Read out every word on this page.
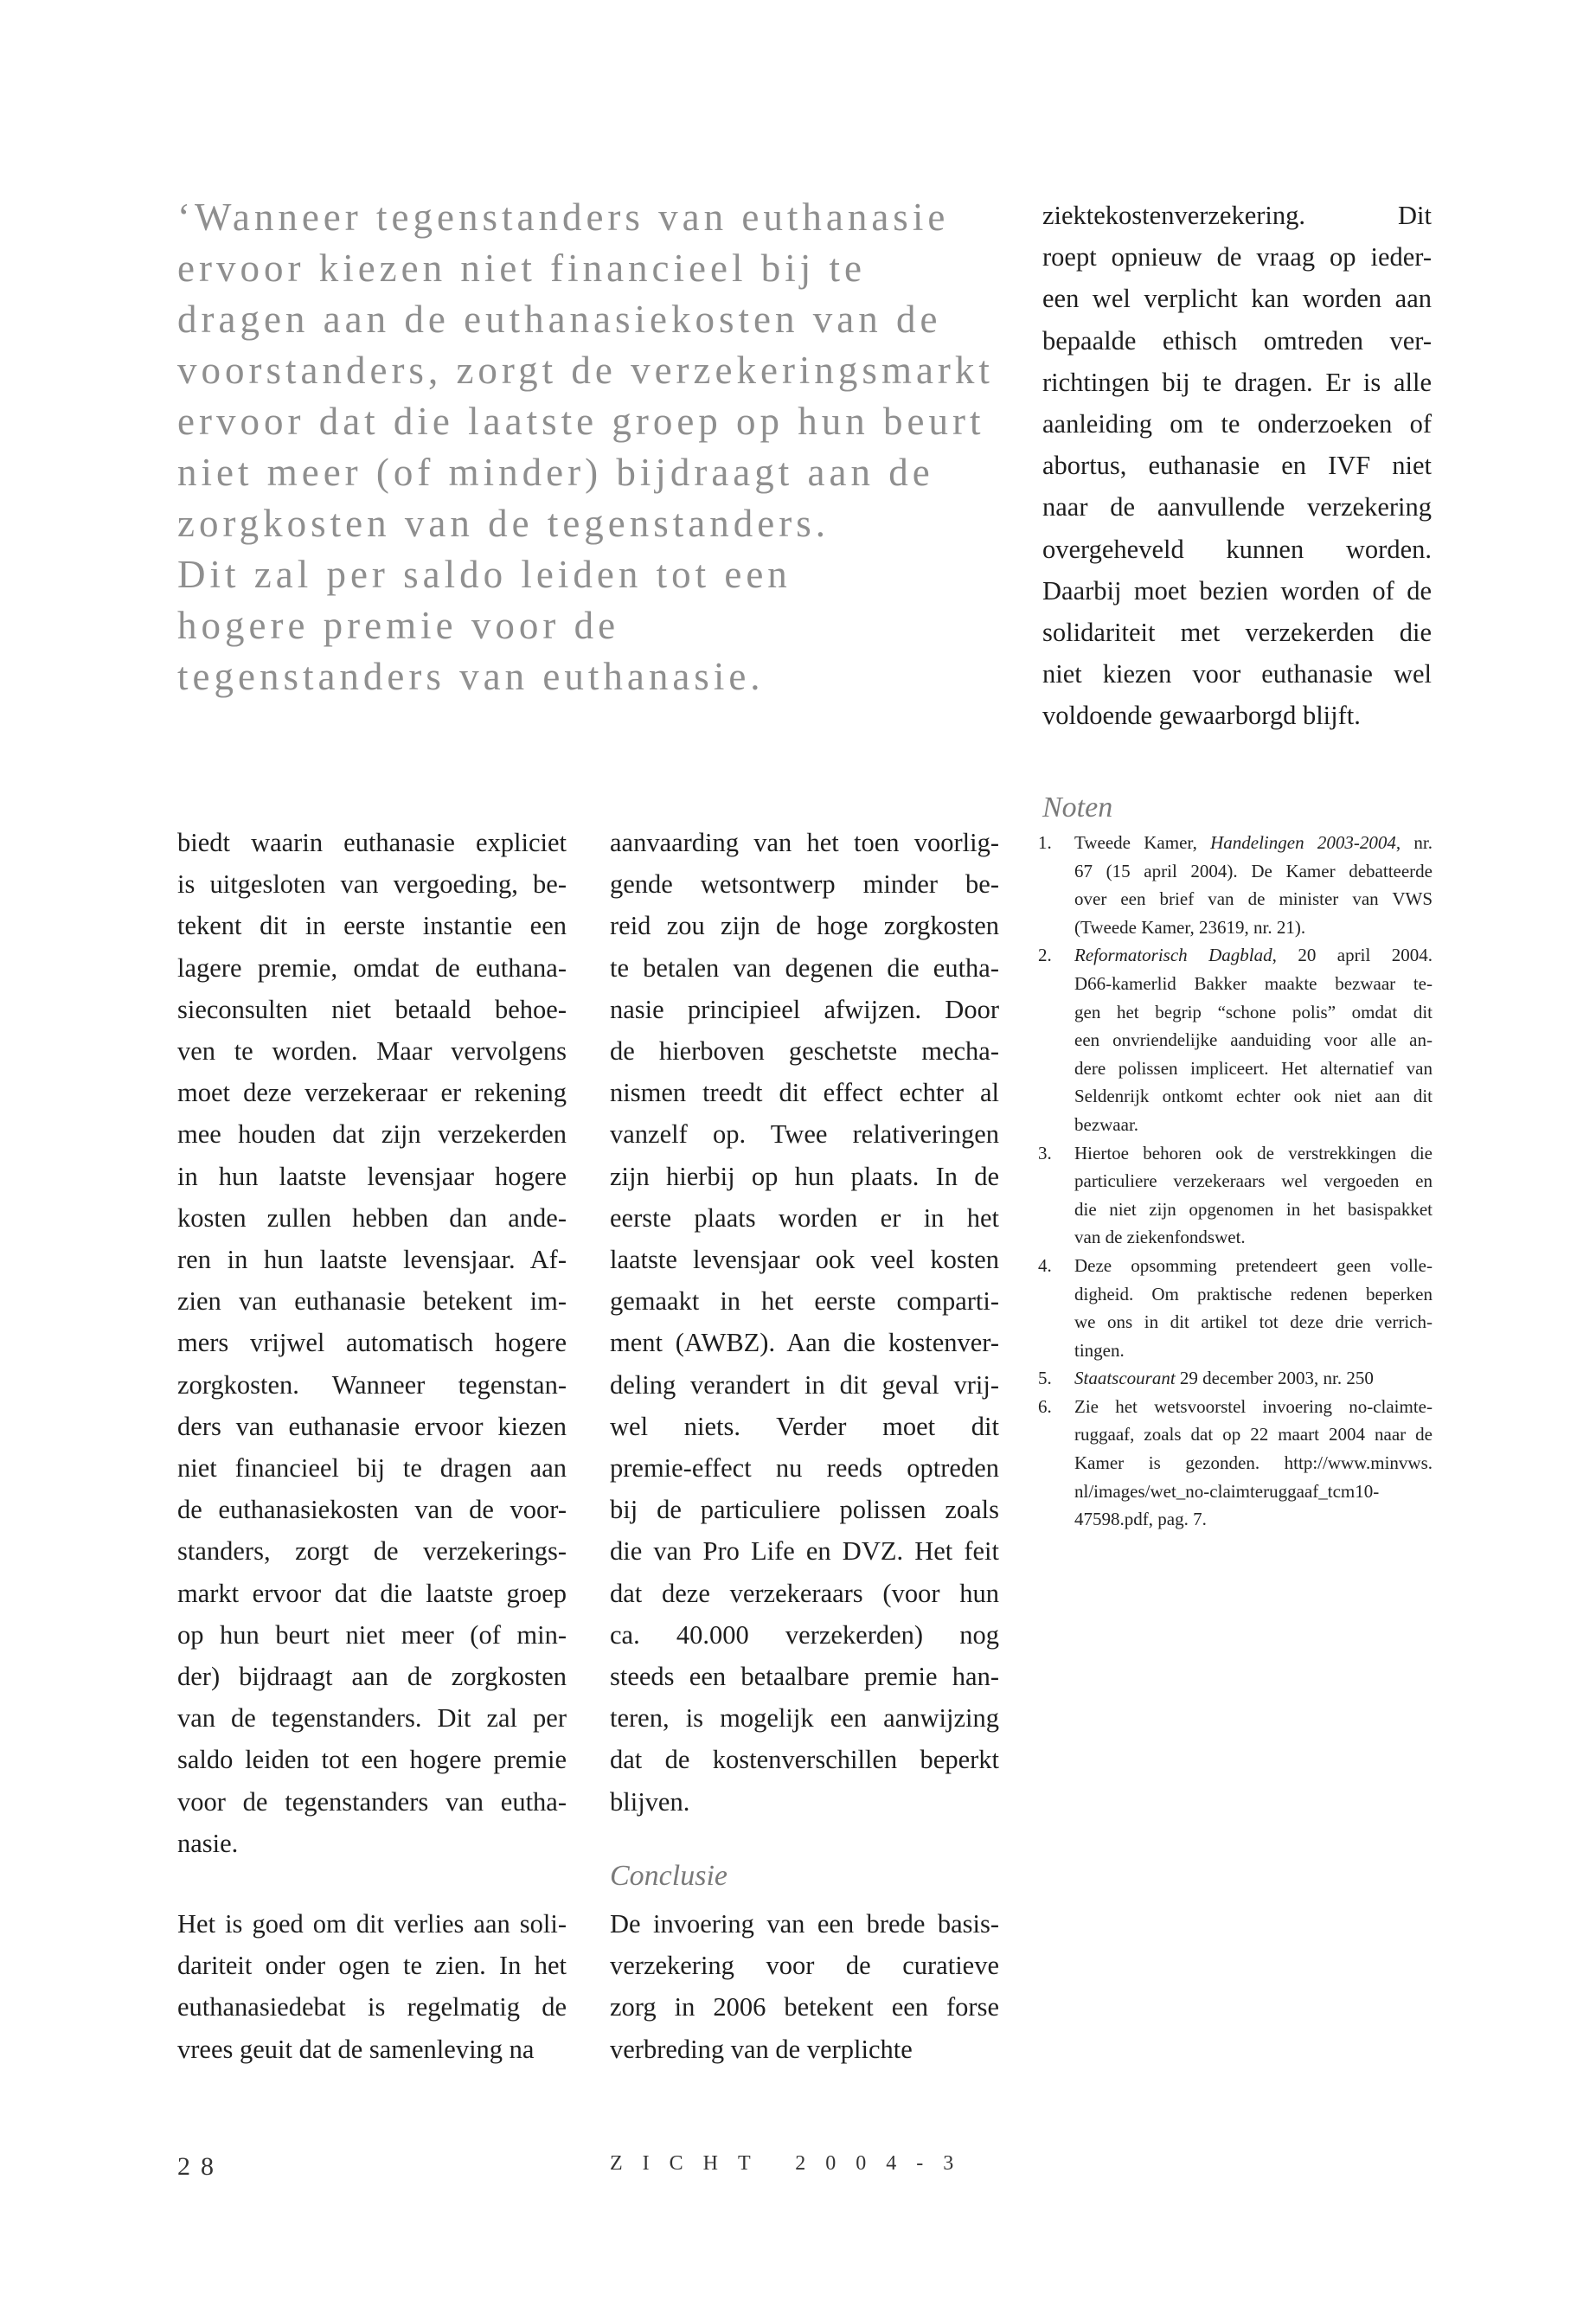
‘Wanneer tegenstanders van euthanasie
ervoor kiezen niet financieel bij te
dragen aan de euthanasiekosten van de
voorstanders, zorgt de verzekeringsmarkt
ervoor dat die laatste groep op hun beurt
niet meer (of minder) bijdraagt aan de
zorgkosten van de tegenstanders.
Dit zal per saldo leiden tot een
hogere premie voor de
tegenstanders van euthanasie.
ziektekostenverzekering. Dit
roept opnieuw de vraag op ieder-
een wel verplicht kan worden aan
bepaalde ethisch omtreden ver-
richtingen bij te dragen. Er is alle
aanleiding om te onderzoeken of
abortus, euthanasie en IVF niet
naar de aanvullende verzekering
overgeheveld kunnen worden.
Daarbij moet bezien worden of de
solidariteit met verzekerden die
niet kiezen voor euthanasie wel
voldoende gewaarborgd blijft.
biedt waarin euthanasie expliciet
is uitgesloten van vergoeding, be-
tekent dit in eerste instantie een
lagere premie, omdat de euthana-
sieconsulten niet betaald behoe-
ven te worden. Maar vervolgens
moet deze verzekeraar er rekening
mee houden dat zijn verzekerden
in hun laatste levensjaar hogere
kosten zullen hebben dan ande-
ren in hun laatste levensjaar. Af-
zien van euthanasie betekent im-
mers vrijwel automatisch hogere
zorgkosten. Wanneer tegenstan-
ders van euthanasie ervoor kiezen
niet financieel bij te dragen aan
de euthanasiekosten van de voor-
standers, zorgt de verzekerings-
markt ervoor dat die laatste groep
op hun beurt niet meer (of min-
der) bijdraagt aan de zorgkosten
van de tegenstanders. Dit zal per
saldo leiden tot een hogere premie
voor de tegenstanders van eutha-
nasie.
Het is goed om dit verlies aan soli-
dariteit onder ogen te zien. In het
euthanasiedebat is regelmatig de
vrees geuit dat de samenleving na
aanvaarding van het toen voorlig-
gende wetsontwerp minder be-
reid zou zijn de hoge zorgkosten
te betalen van degenen die eutha-
nasie principieel afwijzen. Door
de hierboven geschetste mecha-
nismen treedt dit effect echter al
vanzelf op. Twee relativeringen
zijn hierbij op hun plaats. In de
eerste plaats worden er in het
laatste levensjaar ook veel kosten
gemaakt in het eerste comparti-
ment (AWBZ). Aan die kostenver-
deling verandert in dit geval vrij-
wel niets. Verder moet dit
premie-effect nu reeds optreden
bij de particuliere polissen zoals
die van Pro Life en DVZ. Het feit
dat deze verzekeraars (voor hun
ca. 40.000 verzekerden) nog
steeds een betaalbare premie han-
teren, is mogelijk een aanwijzing
dat de kostenverschillen beperkt
blijven.
Conclusie
De invoering van een brede basis-
verzekering voor de curatieve
zorg in 2006 betekent een forse
verbreding van de verplichte
Noten
1. Tweede Kamer, Handelingen 2003-2004, nr.
67 (15 april 2004). De Kamer debatteerde
over een brief van de minister van VWS
(Tweede Kamer, 23619, nr. 21).
2. Reformatorisch Dagblad, 20 april 2004.
D66-kamerlid Bakker maakte bezwaar te-
gen het begrip “schone polis” omdat dit
een onvriendelijke aanduiding voor alle an-
dere polissen impliceert. Het alternatief van
Seldenrijk ontkomt echter ook niet aan dit
bezwaar.
3. Hiertoe behoren ook de verstrekkingen die
particuliere verzekeraars wel vergoeden en
die niet zijn opgenomen in het basispakket
van de ziekenfondswet.
4. Deze opsomming pretendeert geen volle-
digheid. Om praktische redenen beperken
we ons in dit artikel tot deze drie verrich-
tingen.
5. Staatscourant 29 december 2003, nr. 250
6. Zie het wetsvoorstel invoering no-claimte-
ruggaaf, zoals dat op 22 maart 2004 naar de
Kamer is gezonden. http://www.minvws.
nl/images/wet_no-claimteruggaaf_tcm10-
47598.pdf, pag. 7.
28	ZICHT 2004-3
